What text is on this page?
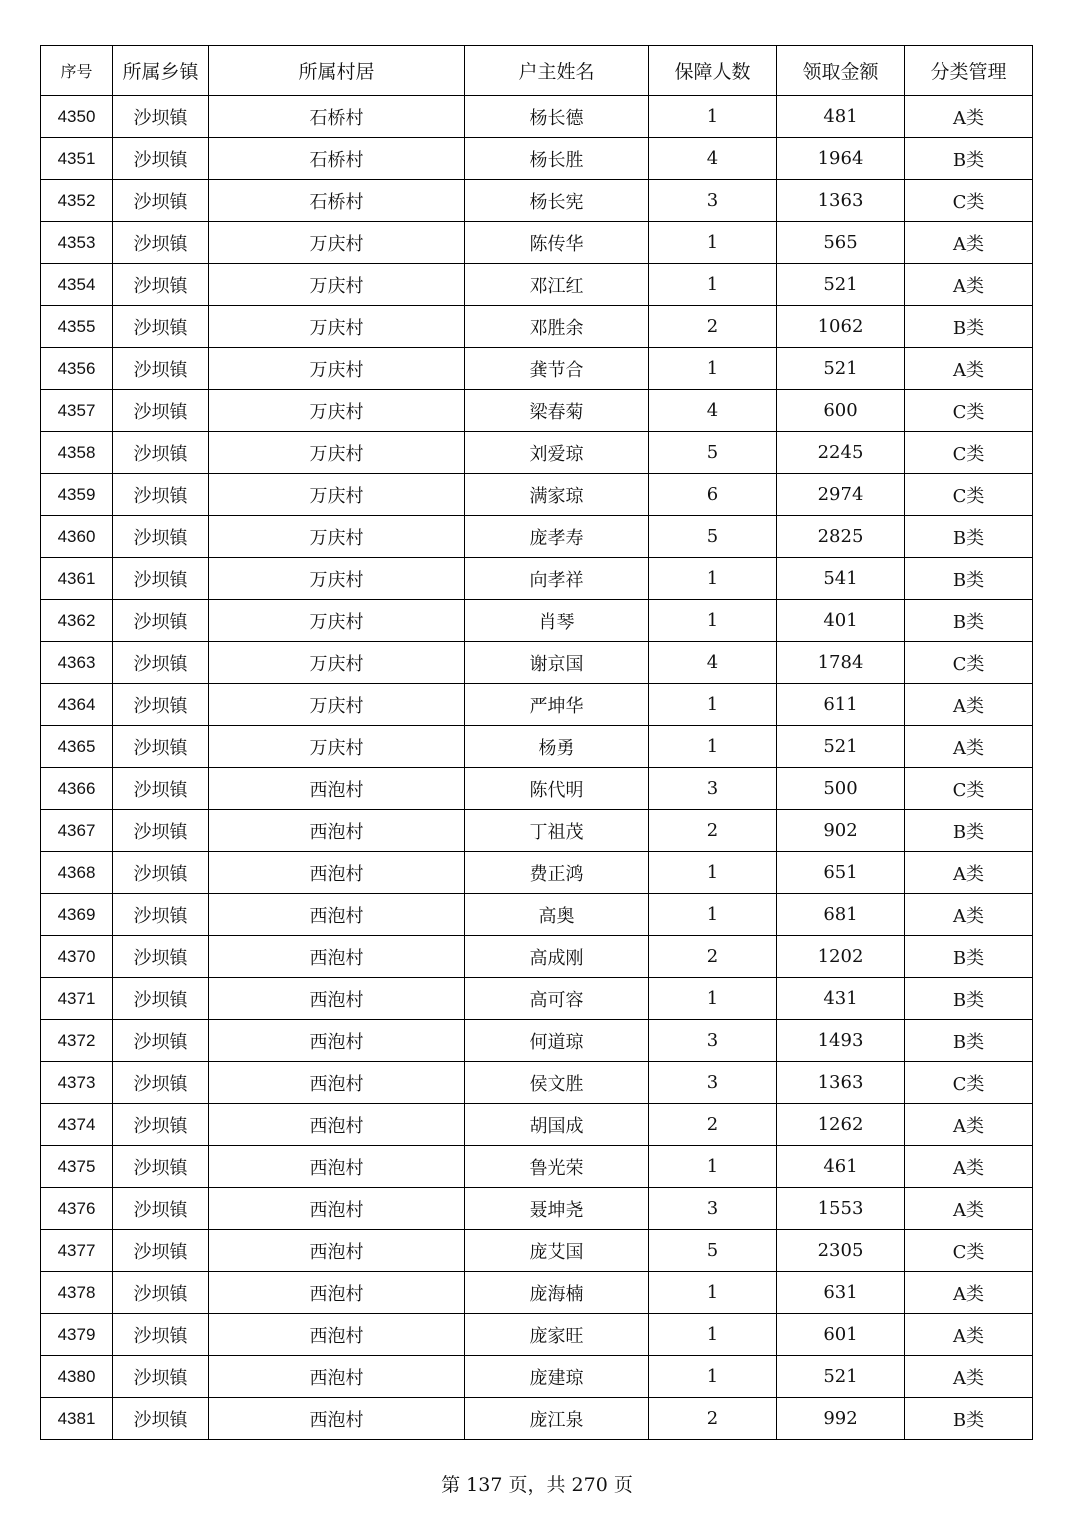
序号	所属乡镇	所属村居	户主姓名	保障人数	领取金额	分类管理
4350	沙坝镇	石桥村	杨长德	1	481	A类
4351	沙坝镇	石桥村	杨长胜	4	1964	B类
4352	沙坝镇	石桥村	杨长宪	3	1363	C类
4353	沙坝镇	万庆村	陈传华	1	565	A类
4354	沙坝镇	万庆村	邓江红	1	521	A类
4355	沙坝镇	万庆村	邓胜余	2	1062	B类
4356	沙坝镇	万庆村	龚节合	1	521	A类
4357	沙坝镇	万庆村	梁春菊	4	600	C类
4358	沙坝镇	万庆村	刘爱琼	5	2245	C类
4359	沙坝镇	万庆村	满家琼	6	2974	C类
4360	沙坝镇	万庆村	庞孝寿	5	2825	B类
4361	沙坝镇	万庆村	向孝祥	1	541	B类
4362	沙坝镇	万庆村	肖琴	1	401	B类
4363	沙坝镇	万庆村	谢京国	4	1784	C类
4364	沙坝镇	万庆村	严坤华	1	611	A类
4365	沙坝镇	万庆村	杨勇	1	521	A类
4366	沙坝镇	西泡村	陈代明	3	500	C类
4367	沙坝镇	西泡村	丁祖茂	2	902	B类
4368	沙坝镇	西泡村	费正鸿	1	651	A类
4369	沙坝镇	西泡村	高奥	1	681	A类
4370	沙坝镇	西泡村	高成刚	2	1202	B类
4371	沙坝镇	西泡村	高可容	1	431	B类
4372	沙坝镇	西泡村	何道琼	3	1493	B类
4373	沙坝镇	西泡村	侯文胜	3	1363	C类
4374	沙坝镇	西泡村	胡国成	2	1262	A类
4375	沙坝镇	西泡村	鲁光荣	1	461	A类
4376	沙坝镇	西泡村	聂坤尧	3	1553	A类
4377	沙坝镇	西泡村	庞艾国	5	2305	C类
4378	沙坝镇	西泡村	庞海楠	1	631	A类
4379	沙坝镇	西泡村	庞家旺	1	601	A类
4380	沙坝镇	西泡村	庞建琼	1	521	A类
4381	沙坝镇	西泡村	庞江泉	2	992	B类
第 137 页，共 270 页
